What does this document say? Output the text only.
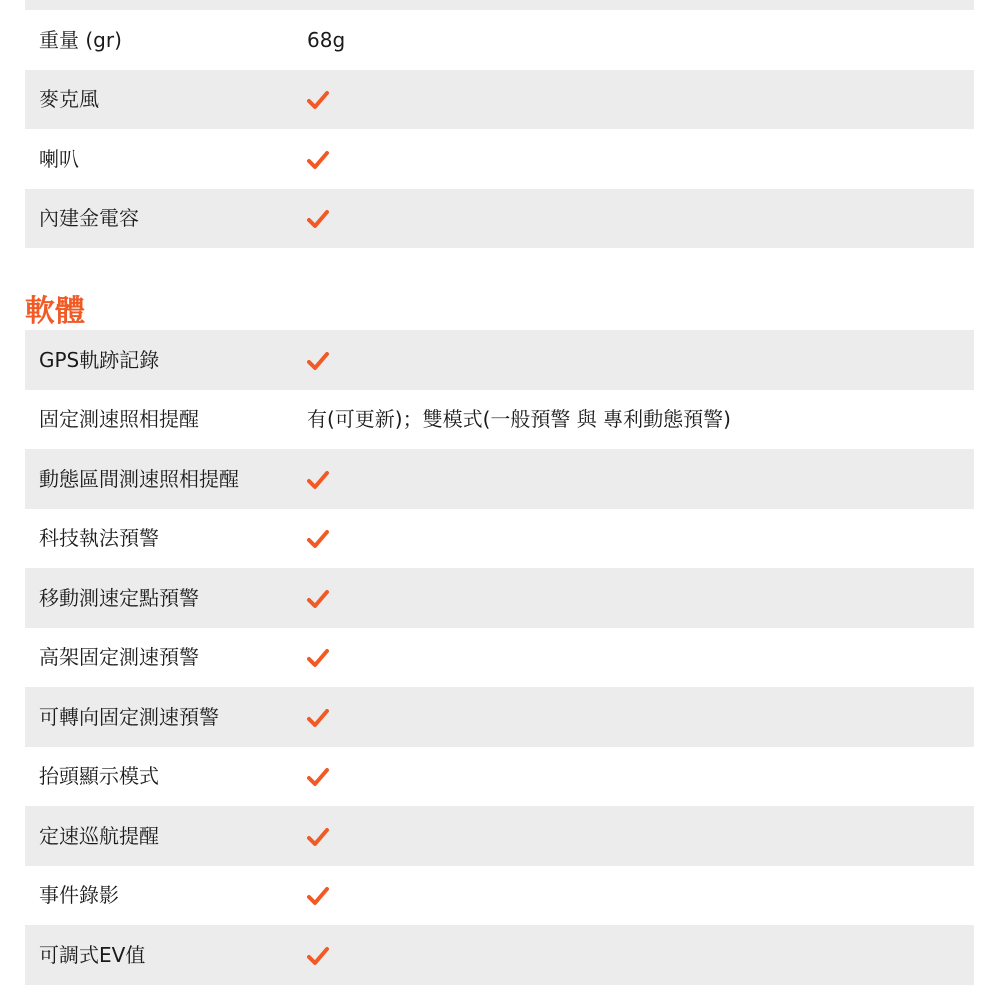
重量 (gr)	68g
麥克風
喇叭
內建金電容
軟體
GPS軌跡記錄
固定測速照相提醒	有(可更新)；雙模式(一般預警 與 專利動態預警)
動態區間測速照相提醒
科技執法預警
移動測速定點預警
高架固定測速預警
可轉向固定測速預警
抬頭顯示模式
定速巡航提醒
事件錄影
可調式EV值
